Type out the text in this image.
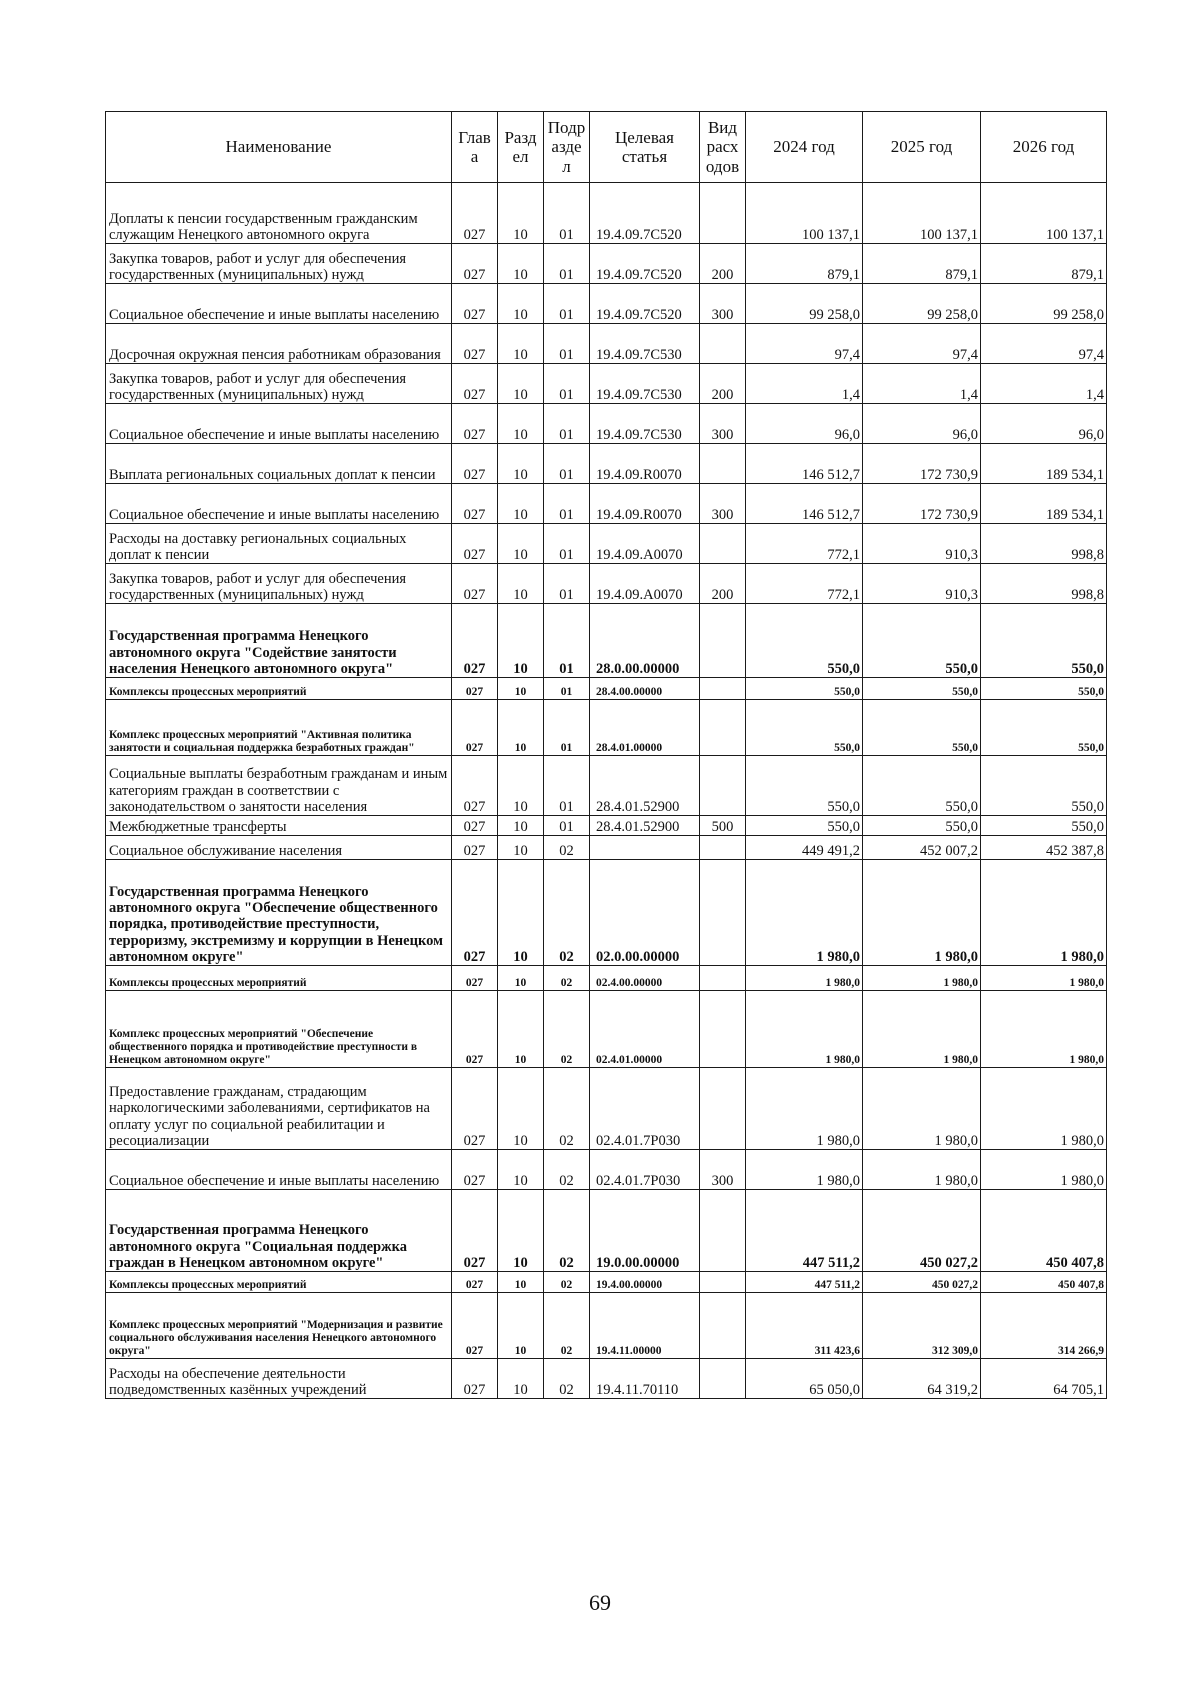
Наименование	Глав а	Разд ел	Подр азде л	Целевая статья	Вид расх одов	2024 год	2025 год	2026 год
Доплаты к пенсии государственным гражданским служащим Ненецкого автономного округа	027	10	01	19.4.09.7С520		100 137,1	100 137,1	100 137,1
Закупка товаров, работ и услуг для обеспечения государственных (муниципальных) нужд	027	10	01	19.4.09.7С520	200	879,1	879,1	879,1
Социальное обеспечение и иные выплаты населению	027	10	01	19.4.09.7С520	300	99 258,0	99 258,0	99 258,0
Досрочная окружная пенсия работникам образования	027	10	01	19.4.09.7С530		97,4	97,4	97,4
Закупка товаров, работ и услуг для обеспечения государственных (муниципальных) нужд	027	10	01	19.4.09.7С530	200	1,4	1,4	1,4
Социальное обеспечение и иные выплаты населению	027	10	01	19.4.09.7С530	300	96,0	96,0	96,0
Выплата региональных социальных доплат к пенсии	027	10	01	19.4.09.R0070		146 512,7	172 730,9	189 534,1
Социальное обеспечение и иные выплаты населению	027	10	01	19.4.09.R0070	300	146 512,7	172 730,9	189 534,1
Расходы на доставку региональных социальных доплат к пенсии	027	10	01	19.4.09.А0070		772,1	910,3	998,8
Закупка товаров, работ и услуг для обеспечения государственных (муниципальных) нужд	027	10	01	19.4.09.А0070	200	772,1	910,3	998,8
Государственная программа Ненецкого автономного округа "Содействие занятости населения Ненецкого автономного округа"	027	10	01	28.0.00.00000		550,0	550,0	550,0
Комплексы процессных мероприятий	027	10	01	28.4.00.00000		550,0	550,0	550,0
Комплекс процессных мероприятий "Активная политика занятости и социальная поддержка безработных граждан"	027	10	01	28.4.01.00000		550,0	550,0	550,0
Социальные выплаты безработным гражданам и иным категориям граждан в соответствии с законодательством о занятости населения	027	10	01	28.4.01.52900		550,0	550,0	550,0
Межбюджетные трансферты	027	10	01	28.4.01.52900	500	550,0	550,0	550,0
Социальное обслуживание населения	027	10	02			449 491,2	452 007,2	452 387,8
Государственная программа Ненецкого автономного округа "Обеспечение общественного порядка, противодействие преступности, терроризму, экстремизму и коррупции в Ненецком автономном округе"	027	10	02	02.0.00.00000		1 980,0	1 980,0	1 980,0
Комплексы процессных мероприятий	027	10	02	02.4.00.00000		1 980,0	1 980,0	1 980,0
Комплекс процессных мероприятий "Обеспечение общественного порядка и противодействие преступности в Ненецком автономном округе"	027	10	02	02.4.01.00000		1 980,0	1 980,0	1 980,0
Предоставление гражданам, страдающим наркологическими заболеваниями, сертификатов на оплату услуг по социальной реабилитации и ресоциализации	027	10	02	02.4.01.7Р030		1 980,0	1 980,0	1 980,0
Социальное обеспечение и иные выплаты населению	027	10	02	02.4.01.7Р030	300	1 980,0	1 980,0	1 980,0
Государственная программа Ненецкого автономного округа "Социальная поддержка граждан в Ненецком автономном округе"	027	10	02	19.0.00.00000		447 511,2	450 027,2	450 407,8
Комплексы процессных мероприятий	027	10	02	19.4.00.00000		447 511,2	450 027,2	450 407,8
Комплекс процессных мероприятий "Модернизация и развитие социального обслуживания населения Ненецкого автономного округа"	027	10	02	19.4.11.00000		311 423,6	312 309,0	314 266,9
Расходы на обеспечение деятельности подведомственных казённых учреждений	027	10	02	19.4.11.70110		65 050,0	64 319,2	64 705,1
69
